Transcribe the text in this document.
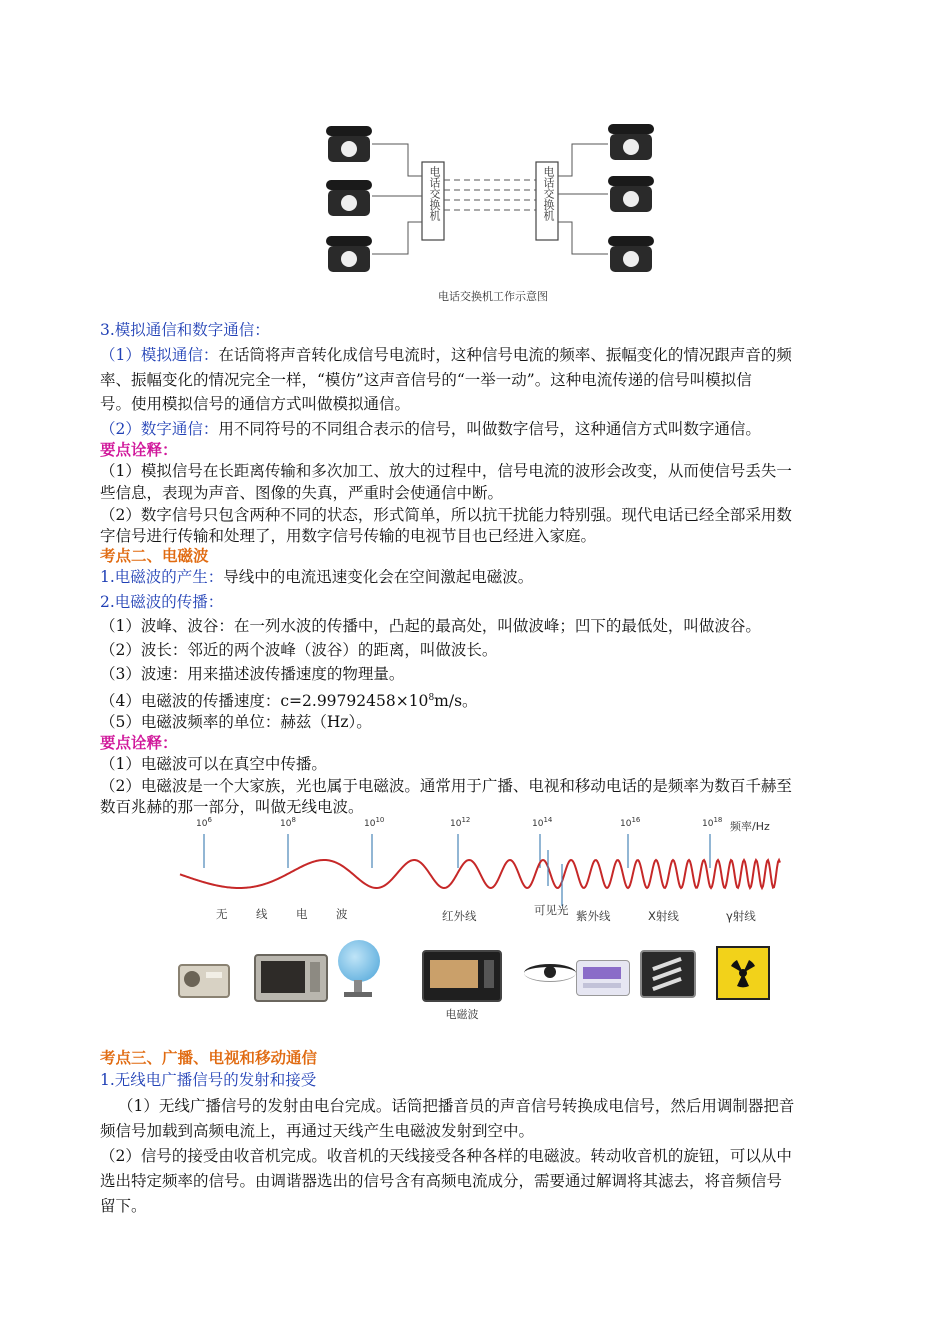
电话交换机	电话交换机
电话交换机工作示意图
3.模拟通信和数字通信：
（1）模拟通信：在话筒将声音转化成信号电流时，这种信号电流的频率、振幅变化的情况跟声音的频
率、振幅变化的情况完全一样，“模仿”这声音信号的“一举一动”。这种电流传递的信号叫模拟信
号。使用模拟信号的通信方式叫做模拟通信。
（2）数字通信：用不同符号的不同组合表示的信号，叫做数字信号，这种通信方式叫数字通信。
要点诠释：
（1）模拟信号在长距离传输和多次加工、放大的过程中，信号电流的波形会改变，从而使信号丢失一
些信息，表现为声音、图像的失真，严重时会使通信中断。
（2）数字信号只包含两种不同的状态，形式简单，所以抗干扰能力特别强。现代电话已经全部采用数
字信号进行传输和处理了，用数字信号传输的电视节目也已经进入家庭。
考点二、电磁波
1.电磁波的产生：导线中的电流迅速变化会在空间激起电磁波。
2.电磁波的传播：
（1）波峰、波谷：在一列水波的传播中，凸起的最高处，叫做波峰；凹下的最低处，叫做波谷。
（2）波长：邻近的两个波峰（波谷）的距离，叫做波长。
（3）波速：用来描述波传播速度的物理量。
（4）电磁波的传播速度：$c=2.99792458\times 10^8m/s$。
（5）电磁波频率的单位：赫兹（Hz）。
要点诠释：
（1）电磁波可以在真空中传播。
（2）电磁波是一个大家族，光也属于电磁波。通常用于广播、电视和移动电话的是频率为数百千赫至
数百兆赫的那一部分，叫做无线电波。
$10^6$	$10^8$	$10^{10}$	$10^{12}$	$10^{14}$	$10^{16}$	$10^{18}$ 频率/Hz
无 线 电 波	红外线	可见光 紫外线	X射线	γ射线
电磁波
考点三、广播、电视和移动通信
1.无线电广播信号的发射和接受
（1）无线广播信号的发射由电台完成。话筒把播音员的声音信号转换成电信号，然后用调制器把音
频信号加载到高频电流上，再通过天线产生电磁波发射到空中。
（2）信号的接受由收音机完成。收音机的天线接受各种各样的电磁波。转动收音机的旋钮，可以从中
选出特定频率的信号。由调谐器选出的信号含有高频电流成分，需要通过解调将其滤去，将音频信号
留下。
